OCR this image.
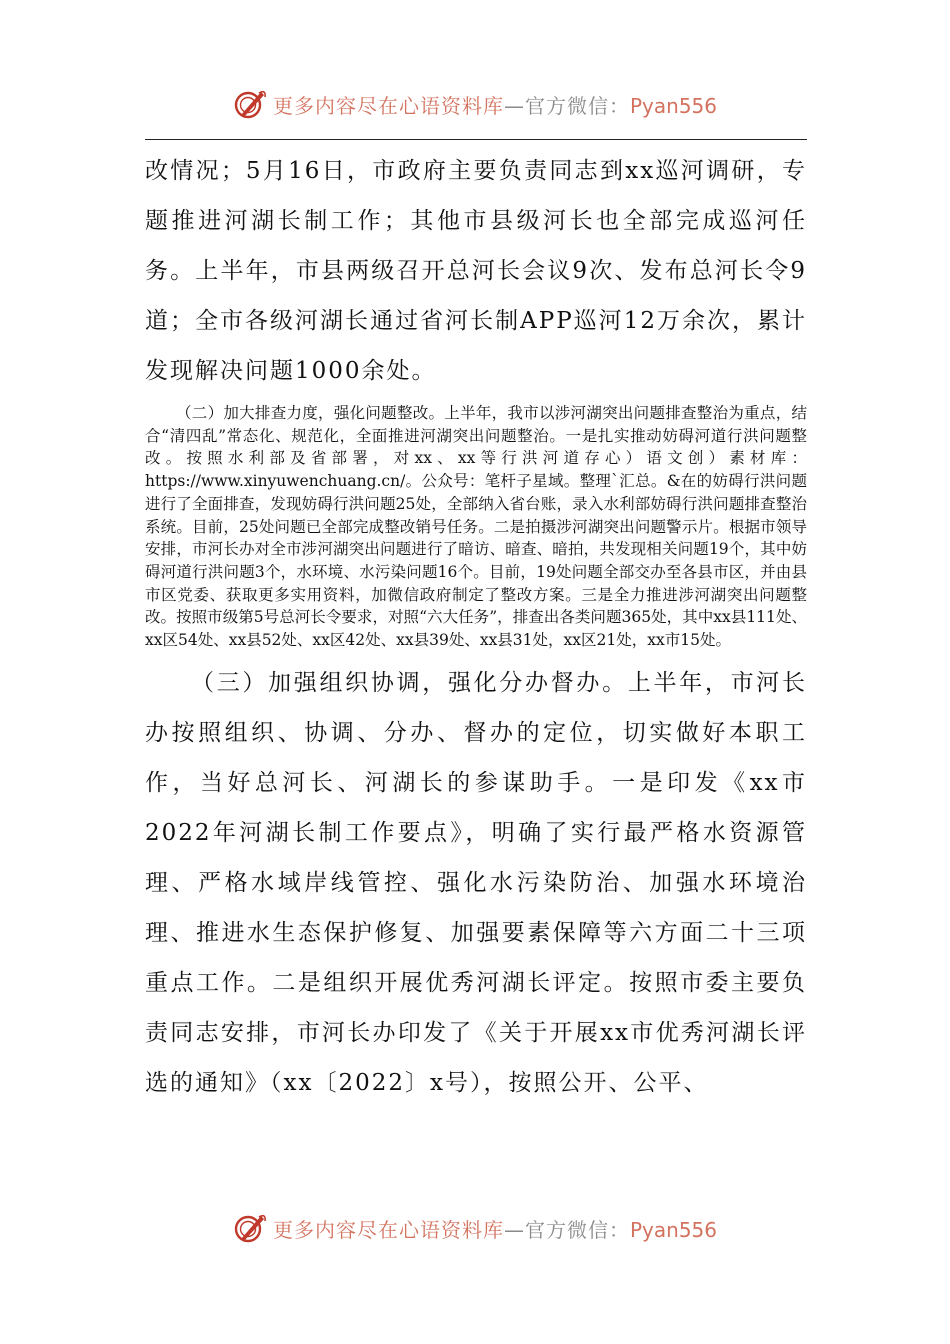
更多内容尽在心语资料库—官方微信：Pyan556

改情况；5月16日，市政府主要负责同志到xx巡河调研，专题推进河湖长制工作；其他市县级河长也全部完成巡河任务。上半年，市县两级召开总河长会议9次、发布总河长令9道；全市各级河湖长通过省河长制APP巡河12万余次，累计发现解决问题1000余处。

（二）加大排查力度，强化问题整改。上半年，我市以涉河湖突出问题排查整治为重点，结合“清四乱”常态化、规范化，全面推进河湖突出问题整治。一是扎实推动妨碍河道行洪问题整改。按照水利部及省部署，对xx、xx等行洪河道存心）语文创）素材库：https://www.xinyuwenchuang.cn/。公众号：笔杆子星域。整理`汇总。&在的妨碍行洪问题进行了全面排查，发现妨碍行洪问题25处，全部纳入省台账，录入水利部妨碍行洪问题排查整治系统。目前，25处问题已全部完成整改销号任务。二是拍摄涉河湖突出问题警示片。根据市领导安排，市河长办对全市涉河湖突出问题进行了暗访、暗查、暗拍，共发现相关问题19个，其中妨碍河道行洪问题3个，水环境、水污染问题16个。目前，19处问题全部交办至各县市区，并由县市区党委、获取更多实用资料，加微信政府制定了整改方案。三是全力推进涉河湖突出问题整改。按照市级第5号总河长令要求，对照“六大任务”，排查出各类问题365处，其中xx县111处、xx区54处、xx县52处、xx区42处、xx县39处、xx县31处，xx区21处，xx市15处。

（三）加强组织协调，强化分办督办。上半年，市河长办按照组织、协调、分办、督办的定位，切实做好本职工作，当好总河长、河湖长的参谋助手。一是印发《xx市2022年河湖长制工作要点》，明确了实行最严格水资源管理、严格水域岸线管控、强化水污染防治、加强水环境治理、推进水生态保护修复、加强要素保障等六方面二十三项重点工作。二是组织开展优秀河湖长评定。按照市委主要负责同志安排，市河长办印发了《关于开展xx市优秀河湖长评选的通知》（xx〔2022〕x号），按照公开、公平、

更多内容尽在心语资料库—官方微信：Pyan556
